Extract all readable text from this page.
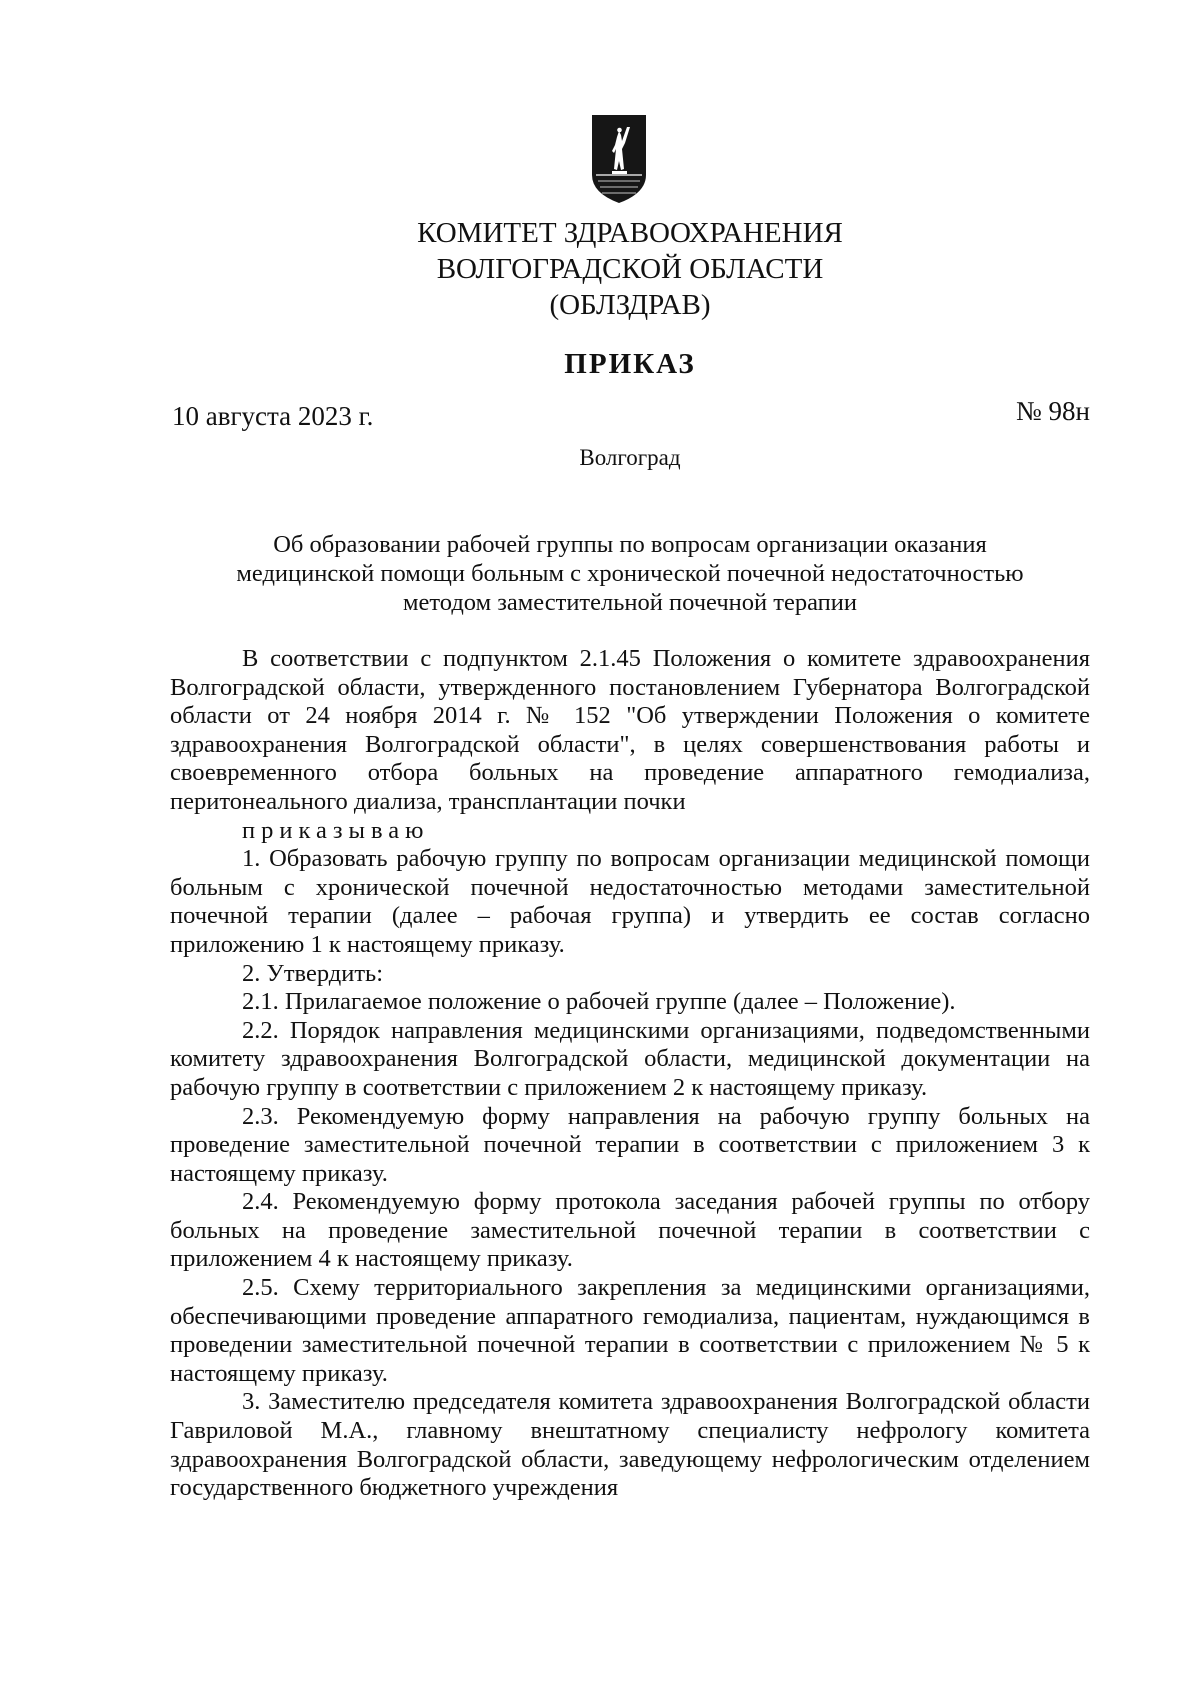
КОМИТЕТ ЗДРАВООХРАНЕНИЯ
ВОЛГОГРАДСКОЙ ОБЛАСТИ
(ОБЛЗДРАВ)
ПРИКАЗ
10 августа 2023 г.	№ 98н
Волгоград
Об образовании рабочей группы по вопросам организации оказания
медицинской помощи больным с хронической почечной недостаточностью
методом заместительной почечной терапии

В соответствии с подпунктом 2.1.45 Положения о комитете здравоохранения Волгоградской области, утвержденного постановлением Губернатора Волгоградской области от 24 ноября 2014 г. № 152 "Об утверждении Положения о комитете здравоохранения Волгоградской области", в целях совершенствования работы и своевременного отбора больных на проведение аппаратного гемодиализа, перитонеального диализа, трансплантации почки

приказываю

1. Образовать рабочую группу по вопросам организации медицинской помощи больным с хронической почечной недостаточностью методами заместительной почечной терапии (далее – рабочая группа) и утвердить ее состав согласно приложению 1 к настоящему приказу.

2. Утвердить:

2.1. Прилагаемое положение о рабочей группе (далее – Положение).

2.2. Порядок направления медицинскими организациями, подведомственными комитету здравоохранения Волгоградской области, медицинской документации на рабочую группу в соответствии с приложением 2 к настоящему приказу.

2.3. Рекомендуемую форму направления на рабочую группу больных на проведение заместительной почечной терапии в соответствии с приложением 3 к настоящему приказу.

2.4. Рекомендуемую форму протокола заседания рабочей группы по отбору больных на проведение заместительной почечной терапии в соответствии с приложением 4 к настоящему приказу.

2.5. Схему территориального закрепления за медицинскими организациями, обеспечивающими проведение аппаратного гемодиализа, пациентам, нуждающимся в проведении заместительной почечной терапии в соответствии с приложением № 5 к настоящему приказу.

3. Заместителю председателя комитета здравоохранения Волгоградской области Гавриловой М.А., главному внештатному специалисту нефрологу комитета здравоохранения Волгоградской области, заведующему нефрологическим отделением государственного бюджетного учреждения
